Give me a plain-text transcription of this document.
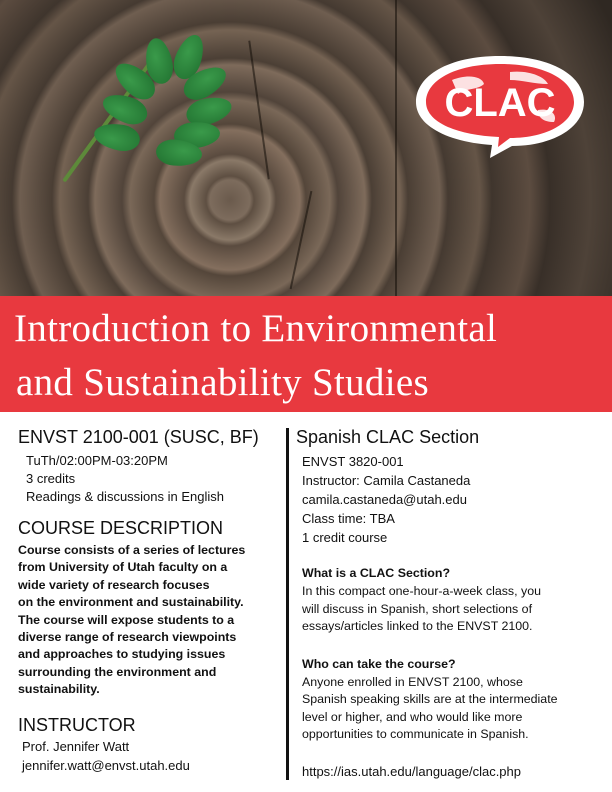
CLAC
Introduction to Environmental
and Sustainability Studies
ENVST 2100-001 (SUSC, BF)
TuTh/02:00PM-03:20PM
3 credits
Readings & discussions in English
COURSE DESCRIPTION
Course consists of a series of lectures
from University of Utah faculty on a
wide variety of research focuses
on the environment and sustainability.
The course will expose students to a
diverse range of research viewpoints
and approaches to studying issues
surrounding the environment and
sustainability.
INSTRUCTOR
Prof. Jennifer Watt
jennifer.watt@envst.utah.edu
Spanish CLAC Section
ENVST 3820-001
Instructor: Camila Castaneda
camila.castaneda@utah.edu
Class time: TBA
1 credit course
What is a CLAC Section?
In this compact one-hour-a-week class, you
will discuss in Spanish, short selections of
essays/articles linked to the ENVST 2100.
Who can take the course?
Anyone enrolled in ENVST 2100, whose
Spanish speaking skills are at the intermediate
level or higher, and who would like more
opportunities to communicate in Spanish.
https://ias.utah.edu/language/clac.php
